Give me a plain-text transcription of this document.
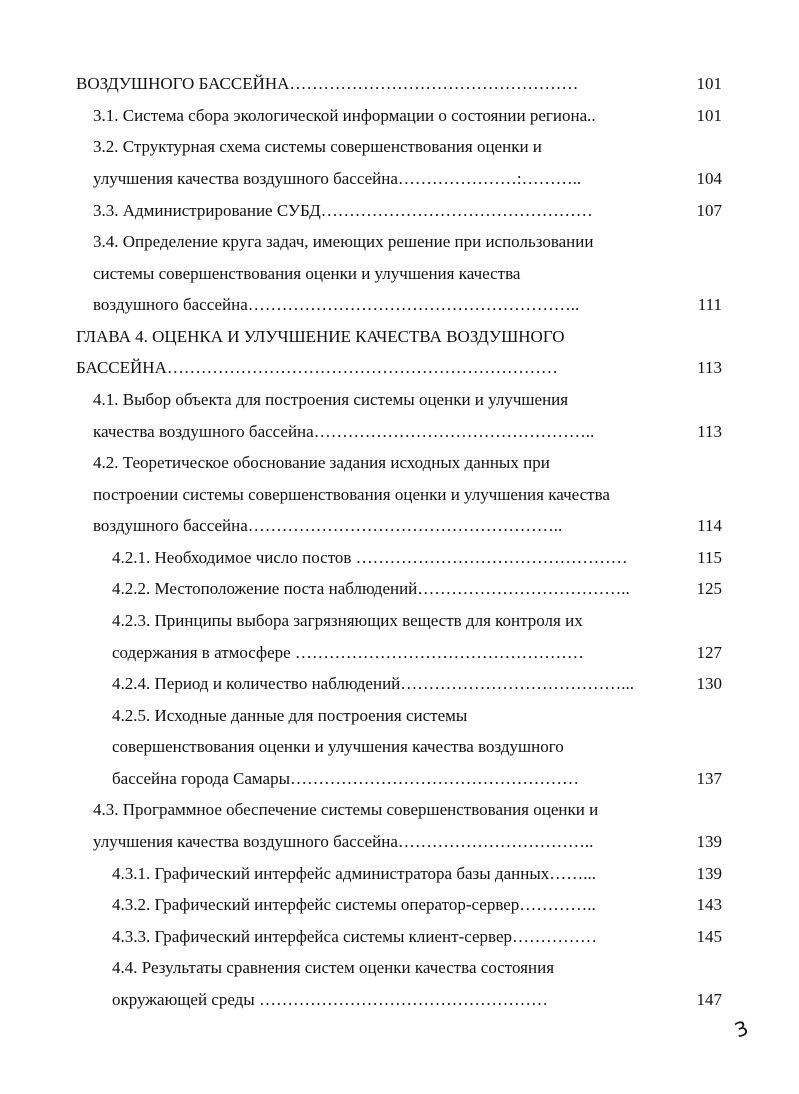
ВОЗДУШНОГО БАССЕЙНА……………………………………………	101
3.1. Система сбора экологической информации о состоянии региона..	101
3.2. Структурная схема системы совершенствования оценки и
улучшения качества воздушного бассейна…………………:………..	104
3.3. Администрирование СУБД…………………………………………	107
3.4. Определение круга задач, имеющих решение при использовании
системы совершенствования оценки и улучшения качества
воздушного бассейна…………………………………………………..	111
ГЛАВА 4. ОЦЕНКА И УЛУЧШЕНИЕ КАЧЕСТВА ВОЗДУШНОГО
БАССЕЙНА……………………………………………………………	113
4.1. Выбор объекта для построения системы оценки и улучшения
качества воздушного бассейна…………………………………………..	113
4.2. Теоретическое обоснование задания исходных данных при
построении системы совершенствования оценки и улучшения качества
воздушного бассейна………………………………………………..	114
4.2.1. Необходимое число постов …………………………………………	115
4.2.2. Местоположение поста наблюдений………………………………..	125
4.2.3. Принципы выбора загрязняющих веществ для контроля их
содержания в атмосфере ……………………………………………	127
4.2.4. Период и количество наблюдений…………………………………...	130
4.2.5. Исходные данные для построения системы
совершенствования оценки и улучшения качества воздушного
бассейна города Самары……………………………………………	137
4.3. Программное обеспечение системы совершенствования оценки и
улучшения качества воздушного бассейна……………………………..	139
4.3.1. Графический интерфейс администратора базы данных……...	139
4.3.2. Графический интерфейс системы оператор-сервер…………..	143
4.3.3. Графический интерфейса системы клиент-сервер……………	145
4.4. Результаты сравнения систем оценки качества состояния
окружающей среды ……………………………………………	147
3
